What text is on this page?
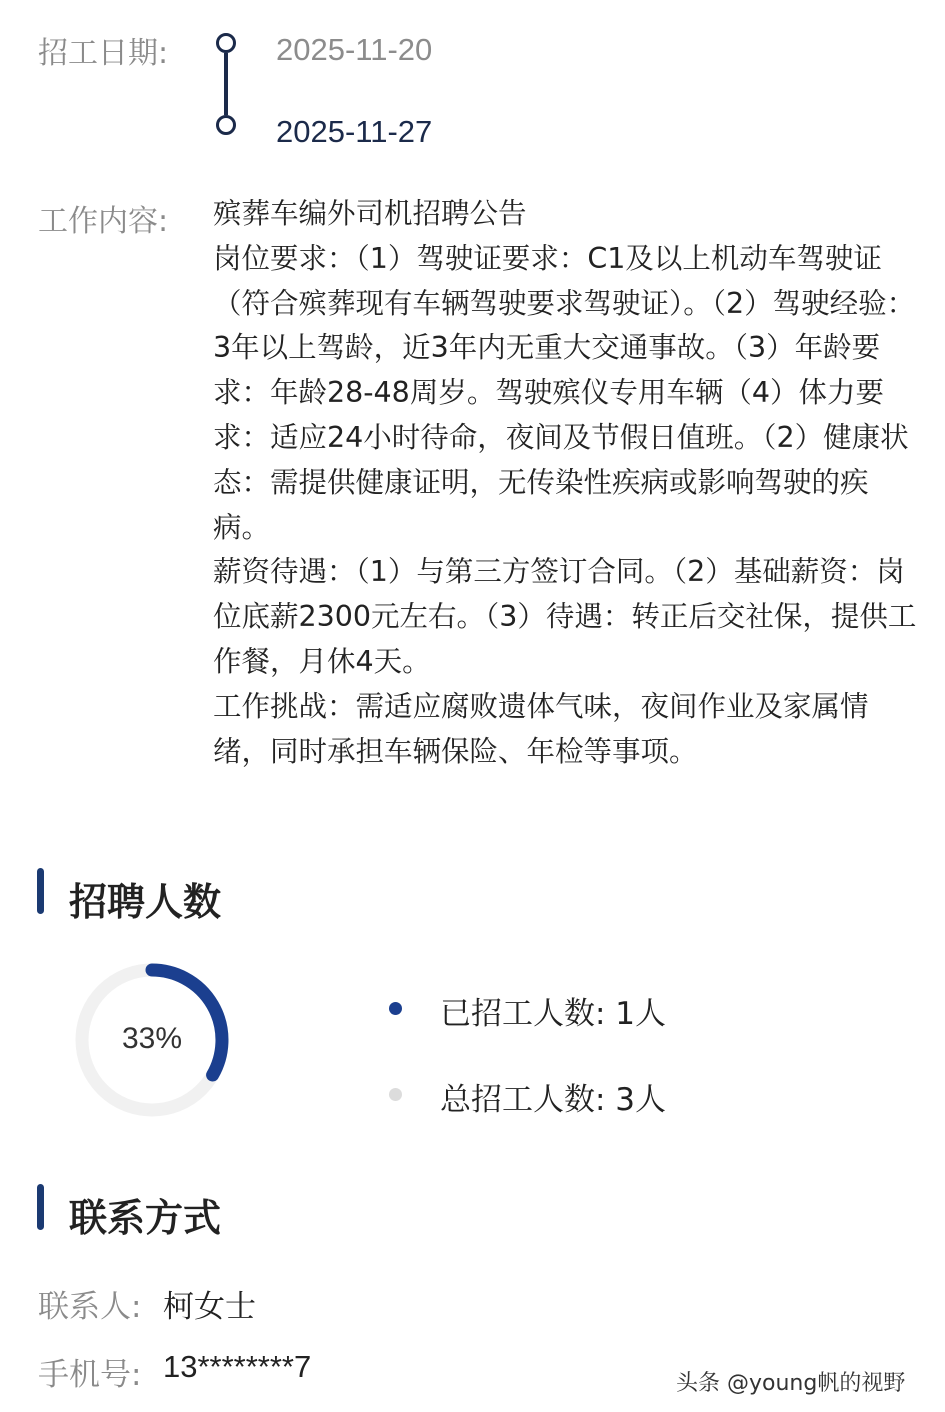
招工日期:	2025-11-20
2025-11-27
工作内容: 殡葬车编外司机招聘公告

岗位要求：（1）驾驶证要求：C1及以上机动车驾驶证（符合殡葬现有车辆驾驶要求驾驶证）。（2）驾驶经验：3年以上驾龄，近3年内无重大交通事故。（3）年龄要求：年龄28-48周岁。驾驶殡仪专用车辆（4）体力要求：适应24小时待命，夜间及节假日值班。（2）健康状态：需提供健康证明，无传染性疾病或影响驾驶的疾病。

薪资待遇：（1）与第三方签订合同。（2）基础薪资：岗位底薪2300元左右。（3）待遇：转正后交社保，提供工作餐，月休4天。

工作挑战：需适应腐败遗体气味，夜间作业及家属情绪，同时承担车辆保险、年检等事项。

招聘人数
33%
已招工人数: 1人
总招工人数: 3人
联系方式
联系人: 柯女士
手机号: 13********7	头条 @young帆的视野
